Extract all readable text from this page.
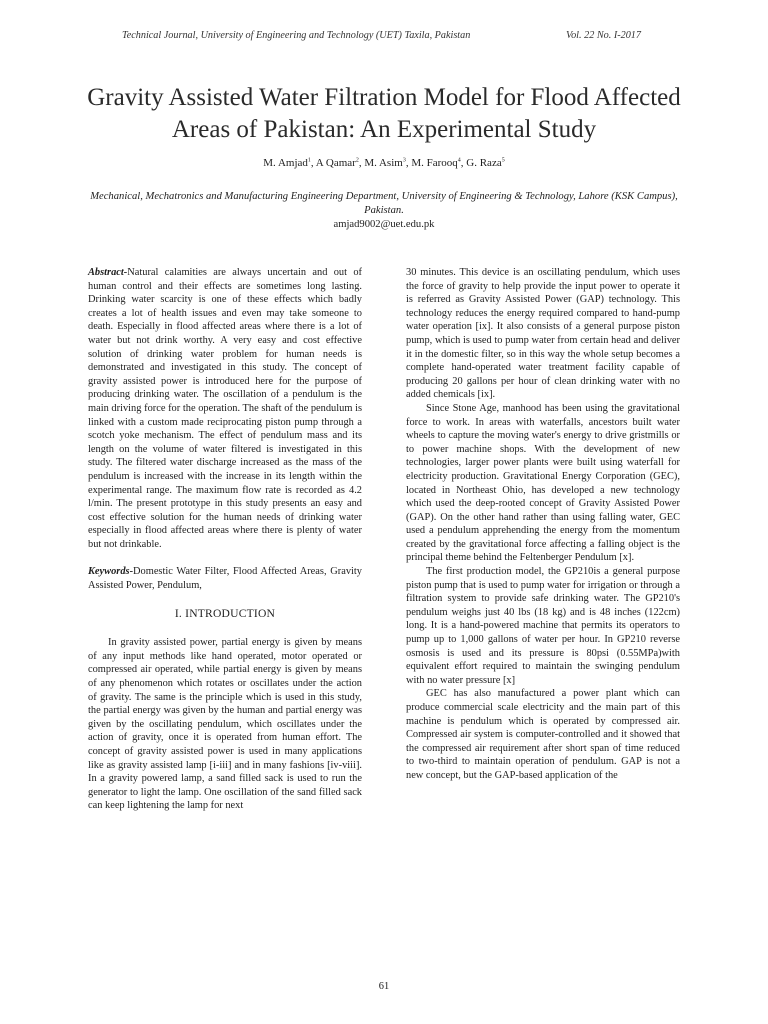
Technical Journal, University of Engineering and Technology (UET) Taxila, Pakistan	Vol. 22 No. I-2017
Gravity Assisted Water Filtration Model for Flood Affected Areas of Pakistan: An Experimental Study
M. Amjad$^1$, A Qamar$^2$, M. Asim$^3$, M. Farooq$^4$, G. Raza$^5$
Mechanical, Mechatronics and Manufacturing Engineering Department, University of Engineering & Technology, Lahore (KSK Campus), Pakistan.
amjad9002@uet.edu.pk

Abstract-Natural calamities are always uncertain and out of human control and their effects are sometimes long lasting. Drinking water scarcity is one of these effects which badly creates a lot of health issues and even may take someone to death. Especially in flood affected areas where there is a lot of water but not drink worthy. A very easy and cost effective solution of drinking water problem for human needs is demonstrated and investigated in this study. The concept of gravity assisted power is introduced here for the purpose of producing drinking water. The oscillation of a pendulum is the main driving force for the operation. The shaft of the pendulum is linked with a custom made reciprocating piston pump through a scotch yoke mechanism. The effect of pendulum mass and its length on the volume of water filtered is investigated in this study. The filtered water discharge increased as the mass of the pendulum is increased with the increase in its length within the experimental range. The maximum flow rate is recorded as 4.2 l/min. The present prototype in this study presents an easy and cost effective solution for the human needs of drinking water especially in flood affected areas where there is plenty of water but not drinkable.

Keywords-Domestic Water Filter, Flood Affected Areas, Gravity Assisted Power, Pendulum,

I. INTRODUCTION

In gravity assisted power, partial energy is given by means of any input methods like hand operated, motor operated or compressed air operated, while partial energy is given by means of any phenomenon which rotates or oscillates under the action of gravity. The same is the principle which is used in this study, the partial energy was given by the human and partial energy was given by the oscillating pendulum, which oscillates under the action of gravity, once it is operated from human effort. The concept of gravity assisted power is used in many applications like as gravity assisted lamp [i-iii] and in many fashions [iv-viii]. In a gravity powered lamp, a sand filled sack is used to run the generator to light the lamp. One oscillation of the sand filled sack can keep lightening the lamp for next

30 minutes. This device is an oscillating pendulum, which uses the force of gravity to help provide the input power to operate it is referred as Gravity Assisted Power (GAP) technology. This technology reduces the energy required compared to hand-pump water operation [ix]. It also consists of a general purpose piston pump, which is used to pump water from certain head and deliver it in the domestic filter, so in this way the whole setup becomes a complete hand-operated water treatment facility capable of producing 20 gallons per hour of clean drinking water with no added chemicals [ix].

Since Stone Age, manhood has been using the gravitational force to work. In areas with waterfalls, ancestors built water wheels to capture the moving water's energy to drive gristmills or to power machine shops. With the development of new technologies, larger power plants were built using waterfall for electricity production. Gravitational Energy Corporation (GEC), located in Northeast Ohio, has developed a new technology which used the deep-rooted concept of Gravity Assisted Power (GAP). On the other hand rather than using falling water, GEC used a pendulum apprehending the energy from the momentum created by the gravitational force affecting a falling object is the principal theme behind the Feltenberger Pendulum [x].

The first production model, the GP210is a general purpose piston pump that is used to pump water for irrigation or through a filtration system to provide safe drinking water. The GP210's pendulum weighs just 40 lbs (18 kg) and is 48 inches (122cm) long. It is a hand-powered machine that permits its operators to pump up to 1,000 gallons of water per hour. In GP210 reverse osmosis is used and its pressure is 80psi (0.55MPa)with equivalent effort required to maintain the swinging pendulum with no water pressure [x]

GEC has also manufactured a power plant which can produce commercial scale electricity and the main part of this machine is pendulum which is operated by compressed air. Compressed air system is computer-controlled and it showed that the compressed air requirement after short span of time reduced to two-third to maintain operation of pendulum. GAP is not a new concept, but the GAP-based application of the

61
